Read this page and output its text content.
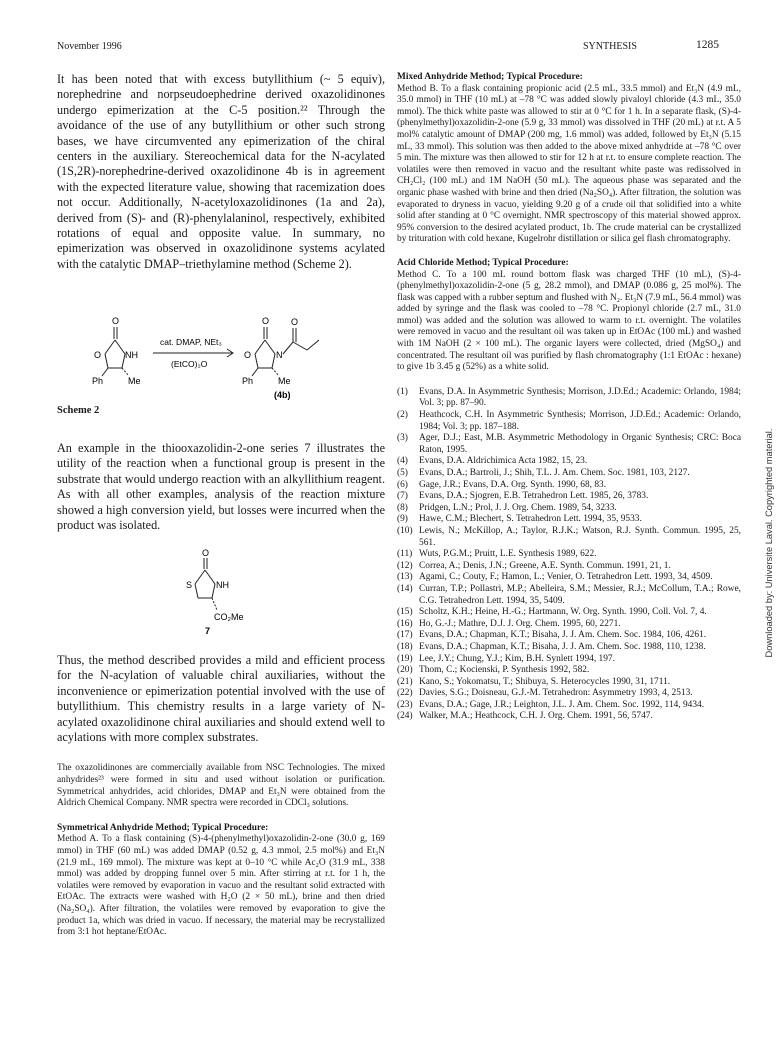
November 1996	SYNTHESIS	1285

It has been noted that with excess butyllithium (~ 5 equiv), norephedrine and norpseudoephedrine derived oxazolidinones undergo epimerization at the C-5 position.²² Through the avoidance of the use of any butyllithium or other such strong bases, we have circumvented any epimerization of the chiral centers in the auxiliary. Stereochemical data for the N-acylated (1S,2R)-norephedrine-derived oxazolidinone 4b is in agreement with the expected literature value, showing that racemization does not occur. Additionally, N-acetyloxazolidinones (1a and 2a), derived from (S)- and (R)-phenylalaninol, respectively, exhibited rotations of equal and opposite value. In summary, no epimerization was observed in oxazolidinone systems acylated with the catalytic DMAP–triethylamine method (Scheme 2).

O
O	NH
Ph	Me
cat. DMAP, NEt₃
(EtCO)₂O
O
O	N
O
Ph	Me
(4b)
Scheme 2

An example in the thiooxazolidin-2-one series 7 illustrates the utility of the reaction when a functional group is present in the substrate that would undergo reaction with an alkyllithium reagent. As with all other examples, analysis of the reaction mixture showed a high conversion yield, but losses were incurred when the product was isolated.

O
S	NH
CO₂Me
7

Thus, the method described provides a mild and efficient process for the N-acylation of valuable chiral auxiliaries, without the inconvenience or epimerization potential involved with the use of butyllithium. This chemistry results in a large variety of N-acylated oxazolidinone chiral auxiliaries and should extend well to acylations with more complex substrates.

The oxazolidinones are commercially available from NSC Technologies. The mixed anhydrides²³ were formed in situ and used without isolation or purification. Symmetrical anhydrides, acid chlorides, DMAP and Et₃N were obtained from the Aldrich Chemical Company. NMR spectra were recorded in CDCl₃ solutions.

Symmetrical Anhydride Method; Typical Procedure:

Method A. To a flask containing (S)-4-(phenylmethyl)oxazolidin-2-one (30.0 g, 169 mmol) in THF (60 mL) was added DMAP (0.52 g, 4.3 mmol, 2.5 mol%) and Et₃N (21.9 mL, 169 mmol). The mixture was kept at 0–10 °C while Ac₂O (31.9 mL, 338 mmol) was added by dropping funnel over 5 min. After stirring at r.t. for 1 h, the volatiles were removed by evaporation in vacuo and the resultant solid extracted with EtOAc. The extracts were washed with H₂O (2 × 50 mL), brine and then dried (Na₂SO₄). After filtration, the volatiles were removed by evaporation to give the product 1a, which was dried in vacuo. If necessary, the material may be recrystallized from 3:1 hot heptane/EtOAc.

Mixed Anhydride Method; Typical Procedure:

Method B. To a flask containing propionic acid (2.5 mL, 33.5 mmol) and Et₃N (4.9 mL, 35.0 mmol) in THF (10 mL) at –78 °C was added slowly pivaloyl chloride (4.3 mL, 35.0 mmol). The thick white paste was allowed to stir at 0 °C for 1 h. In a separate flask, (S)-4-(phenylmethyl)oxazolidin-2-one (5.9 g, 33 mmol) was dissolved in THF (20 mL) at r.t. A 5 mol% catalytic amount of DMAP (200 mg, 1.6 mmol) was added, followed by Et₃N (5.15 mL, 33 mmol). This solution was then added to the above mixed anhydride at –78 °C over 5 min. The mixture was then allowed to stir for 12 h at r.t. to ensure complete reaction. The volatiles were then removed in vacuo and the resultant white paste was redissolved in CH₂Cl₂ (100 mL) and 1M NaOH (50 mL). The aqueous phase was separated and the organic phase washed with brine and then dried (Na₂SO₄). After filtration, the solution was evaporated to dryness in vacuo, yielding 9.20 g of a crude oil that solidified into a white solid after standing at 0 °C overnight. NMR spectroscopy of this material showed approx. 95% conversion to the desired acylated product, 1b. The crude material can be crystallized by trituration with cold hexane, Kugelrohr distillation or silica gel flash chromatography.

Acid Chloride Method; Typical Procedure:

Method C. To a 100 mL round bottom flask was charged THF (10 mL), (S)-4-(phenylmethyl)oxazolidin-2-one (5 g, 28.2 mmol), and DMAP (0.086 g, 25 mol%). The flask was capped with a rubber septum and flushed with N₂. Et₃N (7.9 mL, 56.4 mmol) was added by syringe and the flask was cooled to –78 °C. Propionyl chloride (2.7 mL, 31.0 mmol) was added and the solution was allowed to warm to r.t. overnight. The volatiles were removed in vacuo and the resultant oil was taken up in EtOAc (100 mL) and washed with 1M NaOH (2 × 100 mL). The organic layers were collected, dried (MgSO₄) and concentrated. The resultant oil was purified by flash chromatography (1:1 EtOAc : hexane) to give 1b 3.45 g (52%) as a white solid.

(1)	Evans, D.A. In Asymmetric Synthesis; Morrison, J.D.Ed.; Academic: Orlando, 1984; Vol. 3; pp. 87–90.
(2)	Heathcock, C.H. In Asymmetric Synthesis; Morrison, J.D.Ed.; Academic: Orlando, 1984; Vol. 3; pp. 187–188.
(3)	Ager, D.J.; East, M.B. Asymmetric Methodology in Organic Synthesis; CRC: Boca Raton, 1995.
(4)	Evans, D.A. Aldrichimica Acta 1982, 15, 23.
(5)	Evans, D.A.; Bartroli, J.; Shih, T.L. J. Am. Chem. Soc. 1981, 103, 2127.
(6)	Gage, J.R.; Evans, D.A. Org. Synth. 1990, 68, 83.
(7)	Evans, D.A.; Sjogren, E.B. Tetrahedron Lett. 1985, 26, 3783.
(8)	Pridgen, L.N.; Prol, J. J. Org. Chem. 1989, 54, 3233.
(9)	Hawe, C.M.; Blechert, S. Tetrahedron Lett. 1994, 35, 9533.
(10) Lewis, N.; McKillop, A.; Taylor, R.J.K.; Watson, R.J. Synth. Commun. 1995, 25, 561.
(11) Wuts, P.G.M.; Pruitt, L.E. Synthesis 1989, 622.
(12) Correa, A.; Denis, J.N.; Greene, A.E. Synth. Commun. 1991, 21, 1.
(13) Agami, C.; Couty, F.; Hamon, L.; Venier, O. Tetrahedron Lett. 1993, 34, 4509.
(14) Curran, T.P.; Pollastri, M.P.; Abelleira, S.M.; Messier, R.J.; McCollum, T.A.; Rowe, C.G. Tetrahedron Lett. 1994, 35, 5409.
(15) Scholtz, K.H.; Heine, H.-G.; Hartmann, W. Org. Synth. 1990, Coll. Vol. 7, 4.
(16) Ho, G.-J.; Mathre, D.J. J. Org. Chem. 1995, 60, 2271.
(17) Evans, D.A.; Chapman, K.T.; Bisaha, J. J. Am. Chem. Soc. 1984, 106, 4261.
(18) Evans, D.A.; Chapman, K.T.; Bisaha, J. J. Am. Chem. Soc. 1988, 110, 1238.
(19) Lee, J.Y.; Chung, Y.J.; Kim, B.H. Synlett 1994, 197.
(20) Thom, C.; Kocienski, P. Synthesis 1992, 582.
(21) Kano, S.; Yokomatsu, T.; Shibuya, S. Heterocycles 1990, 31, 1711.
(22) Davies, S.G.; Doisneau, G.J.-M. Tetrahedron: Asymmetry 1993, 4, 2513.
(23) Evans, D.A.; Gage, J.R.; Leighton, J.L. J. Am. Chem. Soc. 1992, 114, 9434.
(24) Walker, M.A.; Heathcock, C.H. J. Org. Chem. 1991, 56, 5747.
Downloaded by: Universite Laval. Copyrighted material.
